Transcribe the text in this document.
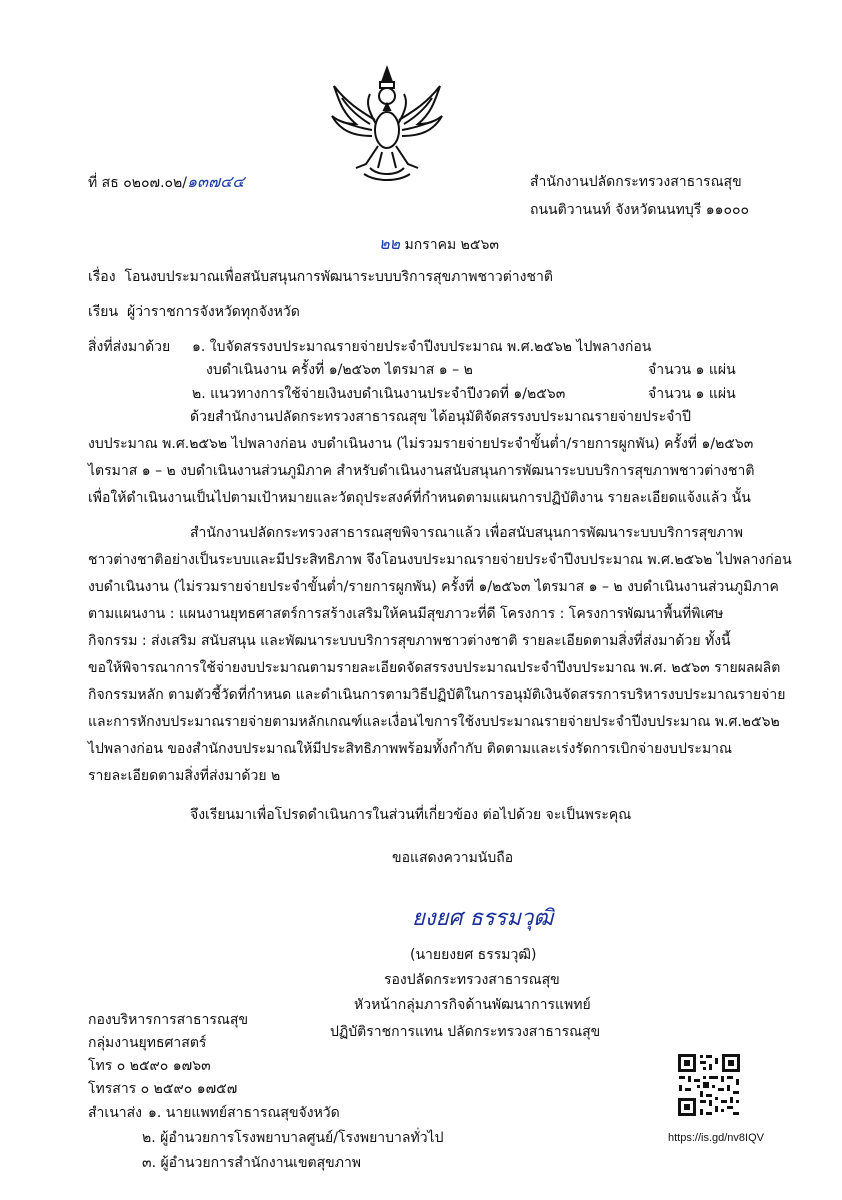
ที่ สธ ๐๒๐๗.๐๒/๑๓๗๔๔	สำนักงานปลัดกระทรวงสาธารณสุข
ถนนติวานนท์ จังหวัดนนทบุรี ๑๑๐๐๐
๒๒ มกราคม ๒๕๖๓
เรื่อง โอนงบประมาณเพื่อสนับสนุนการพัฒนาระบบบริการสุขภาพชาวต่างชาติ
เรียน ผู้ว่าราชการจังหวัดทุกจังหวัด
สิ่งที่ส่งมาด้วย ๑. ใบจัดสรรงบประมาณรายจ่ายประจำปีงบประมาณ พ.ศ.๒๕๖๒ ไปพลางก่อน
งบดำเนินงาน ครั้งที่ ๑/๒๕๖๓ ไตรมาส ๑ – ๒	จำนวน ๑ แผ่น
๒. แนวทางการใช้จ่ายเงินงบดำเนินงานประจำปีงวดที่ ๑/๒๕๖๓	จำนวน ๑ แผ่น
ด้วยสำนักงานปลัดกระทรวงสาธารณสุข ได้อนุมัติจัดสรรงบประมาณรายจ่ายประจำปี
งบประมาณ พ.ศ.๒๕๖๒ ไปพลางก่อน งบดำเนินงาน (ไม่รวมรายจ่ายประจำขั้นต่ำ/รายการผูกพัน) ครั้งที่ ๑/๒๕๖๓
ไตรมาส ๑ – ๒ งบดำเนินงานส่วนภูมิภาค สำหรับดำเนินงานสนับสนุนการพัฒนาระบบบริการสุขภาพชาวต่างชาติ
เพื่อให้ดำเนินงานเป็นไปตามเป้าหมายและวัตถุประสงค์ที่กำหนดตามแผนการปฏิบัติงาน รายละเอียดแจ้งแล้ว นั้น
สำนักงานปลัดกระทรวงสาธารณสุขพิจารณาแล้ว เพื่อสนับสนุนการพัฒนาระบบบริการสุขภาพ
ชาวต่างชาติอย่างเป็นระบบและมีประสิทธิภาพ จึงโอนงบประมาณรายจ่ายประจำปีงบประมาณ พ.ศ.๒๕๖๒ ไปพลางก่อน
งบดำเนินงาน (ไม่รวมรายจ่ายประจำขั้นต่ำ/รายการผูกพัน) ครั้งที่ ๑/๒๕๖๓ ไตรมาส ๑ – ๒ งบดำเนินงานส่วนภูมิภาค
ตามแผนงาน : แผนงานยุทธศาสตร์การสร้างเสริมให้คนมีสุขภาวะที่ดี โครงการ : โครงการพัฒนาพื้นที่พิเศษ
กิจกรรม : ส่งเสริม สนับสนุน และพัฒนาระบบบริการสุขภาพชาวต่างชาติ รายละเอียดตามสิ่งที่ส่งมาด้วย ทั้งนี้
ขอให้พิจารณาการใช้จ่ายงบประมาณตามรายละเอียดจัดสรรงบประมาณประจำปีงบประมาณ พ.ศ. ๒๕๖๓ รายผลผลิต
กิจกรรมหลัก ตามตัวชี้วัดที่กำหนด และดำเนินการตามวิธีปฏิบัติในการอนุมัติเงินจัดสรรการบริหารงบประมาณรายจ่าย
และการหักงบประมาณรายจ่ายตามหลักเกณฑ์และเงื่อนไขการใช้งบประมาณรายจ่ายประจำปีงบประมาณ พ.ศ.๒๕๖๒
ไปพลางก่อน ของสำนักงบประมาณให้มีประสิทธิภาพพร้อมทั้งกำกับ ติดตามและเร่งรัดการเบิกจ่ายงบประมาณ
รายละเอียดตามสิ่งที่ส่งมาด้วย ๒
จึงเรียนมาเพื่อโปรดดำเนินการในส่วนที่เกี่ยวข้อง ต่อไปด้วย จะเป็นพระคุณ
ขอแสดงความนับถือ
ยงยศ ธรรมวุฒิ
(นายยงยศ ธรรมวุฒิ)
รองปลัดกระทรวงสาธารณสุข
หัวหน้ากลุ่มภารกิจด้านพัฒนาการแพทย์
ปฏิบัติราชการแทน ปลัดกระทรวงสาธารณสุข
กองบริหารการสาธารณสุข
กลุ่มงานยุทธศาสตร์
โทร ๐ ๒๕๙๐ ๑๗๖๓
โทรสาร ๐ ๒๕๙๐ ๑๗๕๗
สำเนาส่ง ๑. นายแพทย์สาธารณสุขจังหวัด
๒. ผู้อำนวยการโรงพยาบาลศูนย์/โรงพยาบาลทั่วไป
๓. ผู้อำนวยการสำนักงานเขตสุขภาพ
https://is.gd/nv8IQV
